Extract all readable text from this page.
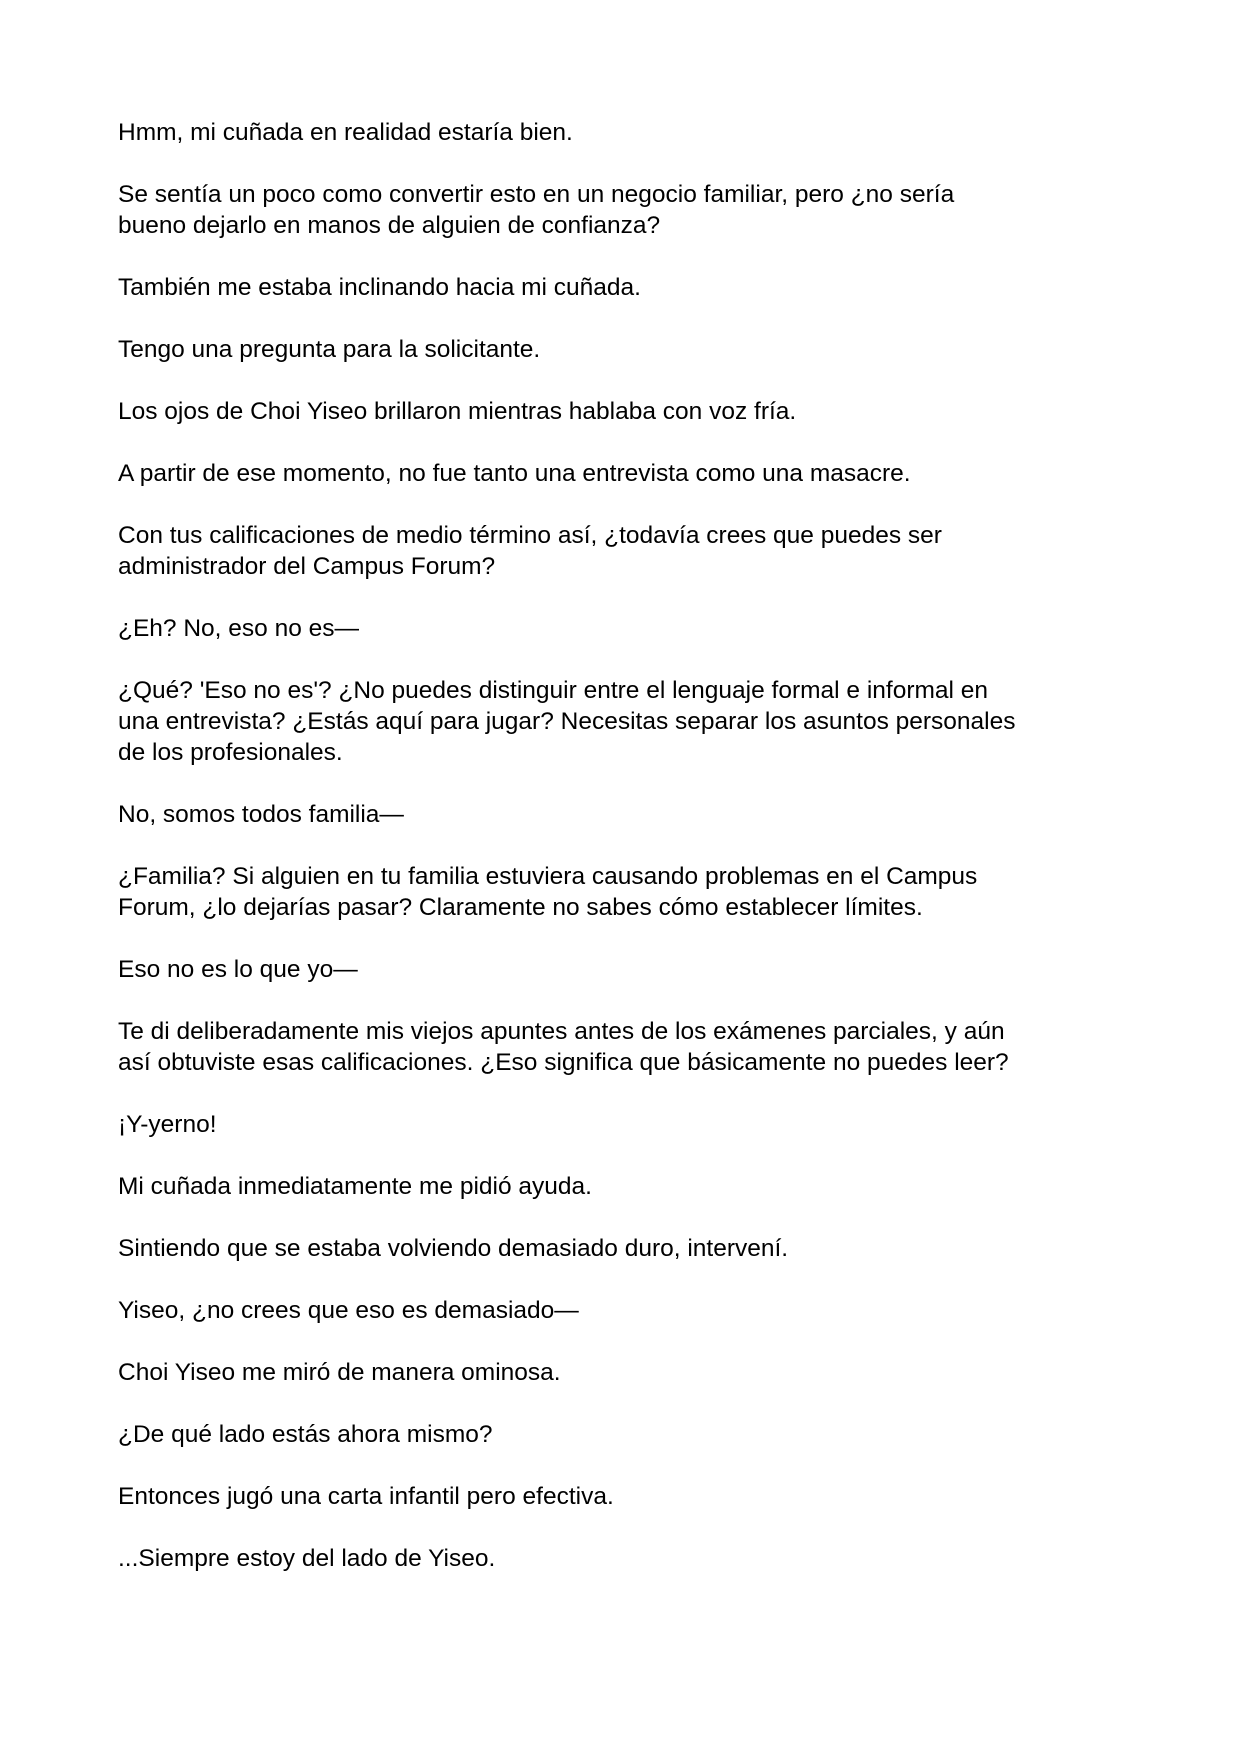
Hmm, mi cuñada en realidad estaría bien.

Se sentía un poco como convertir esto en un negocio familiar, pero ¿no sería
bueno dejarlo en manos de alguien de confianza?

También me estaba inclinando hacia mi cuñada.

Tengo una pregunta para la solicitante.

Los ojos de Choi Yiseo brillaron mientras hablaba con voz fría.

A partir de ese momento, no fue tanto una entrevista como una masacre.

Con tus calificaciones de medio término así, ¿todavía crees que puedes ser
administrador del Campus Forum?

¿Eh? No, eso no es—

¿Qué? 'Eso no es'? ¿No puedes distinguir entre el lenguaje formal e informal en
una entrevista? ¿Estás aquí para jugar? Necesitas separar los asuntos personales
de los profesionales.

No, somos todos familia—

¿Familia? Si alguien en tu familia estuviera causando problemas en el Campus
Forum, ¿lo dejarías pasar? Claramente no sabes cómo establecer límites.

Eso no es lo que yo—

Te di deliberadamente mis viejos apuntes antes de los exámenes parciales, y aún
así obtuviste esas calificaciones. ¿Eso significa que básicamente no puedes leer?

¡Y-yerno!

Mi cuñada inmediatamente me pidió ayuda.

Sintiendo que se estaba volviendo demasiado duro, intervení.

Yiseo, ¿no crees que eso es demasiado—

Choi Yiseo me miró de manera ominosa.

¿De qué lado estás ahora mismo?

Entonces jugó una carta infantil pero efectiva.

...Siempre estoy del lado de Yiseo.
